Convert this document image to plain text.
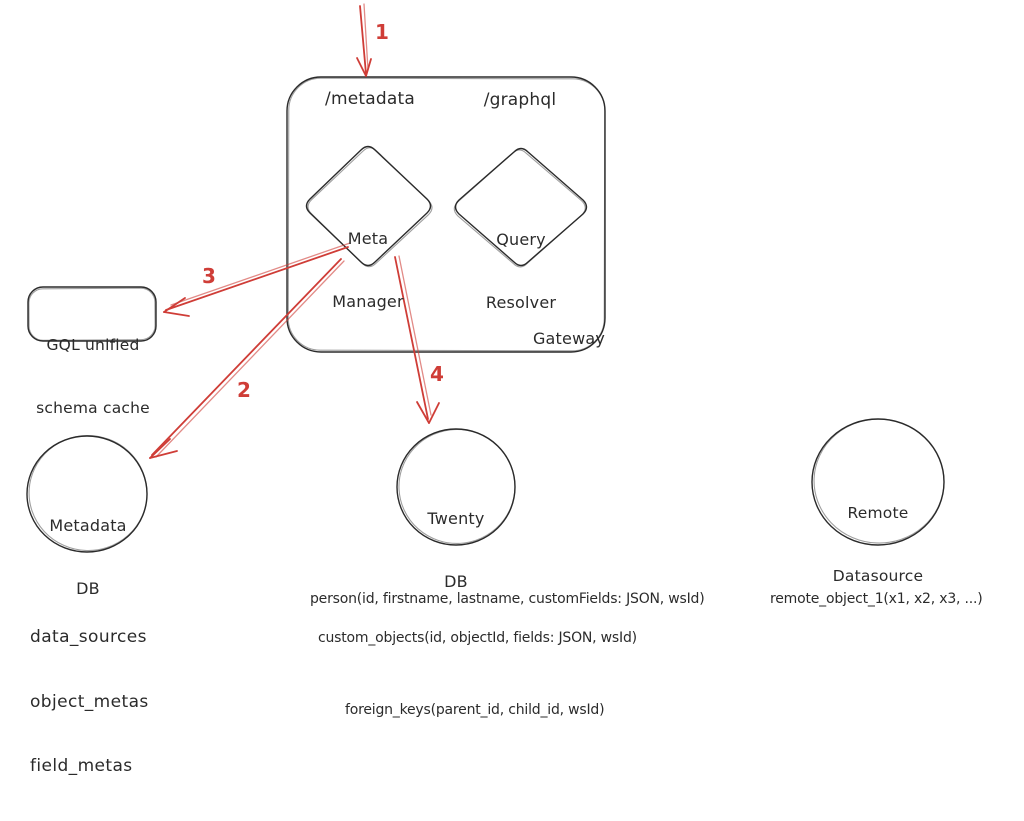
/metadata	/graphql

Meta

Manager

Query

Resolver

Gateway

GQL unified

schema cache

Metadata

DB

Twenty

DB

Remote

Datasource

1
3
2
4

data_sources

object_metas

field_metas

person(id, firstname, lastname, customFields: JSON, wsId)
custom_objects(id, objectId, fields: JSON, wsId)
foreign_keys(parent_id, child_id, wsId)
remote_object_1(x1, x2, x3, ...)
